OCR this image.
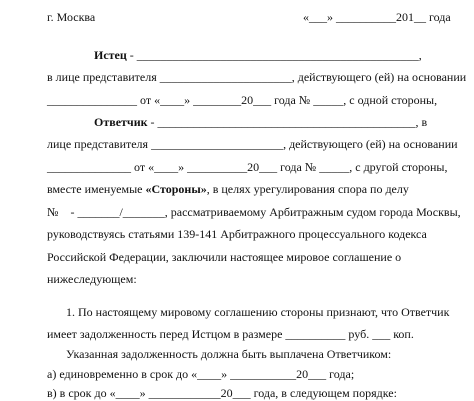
г. Москва	«___» __________201__ года
Истец - _______________________________________________,
в лице представителя ______________________, действующего (ей) на основании
_______________ от «____» ________20___ года № _____, с одной стороны,
Ответчик - ___________________________________________, в
лице представителя ______________________, действующего (ей) на основании
______________ от «____» __________20___ года № _____, с другой стороны,
вместе именуемые «Стороны», в целях урегулирования спора по делу
№    - _______/_______, рассматриваемому Арбитражным судом города Москвы,
руководствуясь статьями 139-141 Арбитражного процессуального кодекса
Российской Федерации, заключили настоящее мировое соглашение о
нижеследующем:
1. По настоящему мировому соглашению стороны признают, что Ответчик
имеет задолженность перед Истцом в размере __________ руб. ___ коп.
Указанная задолженность должна быть выплачена Ответчиком:
а) единовременно в срок до «____» ___________20___ года;
в) в срок до «____» ____________20___ года, в следующем порядке:
